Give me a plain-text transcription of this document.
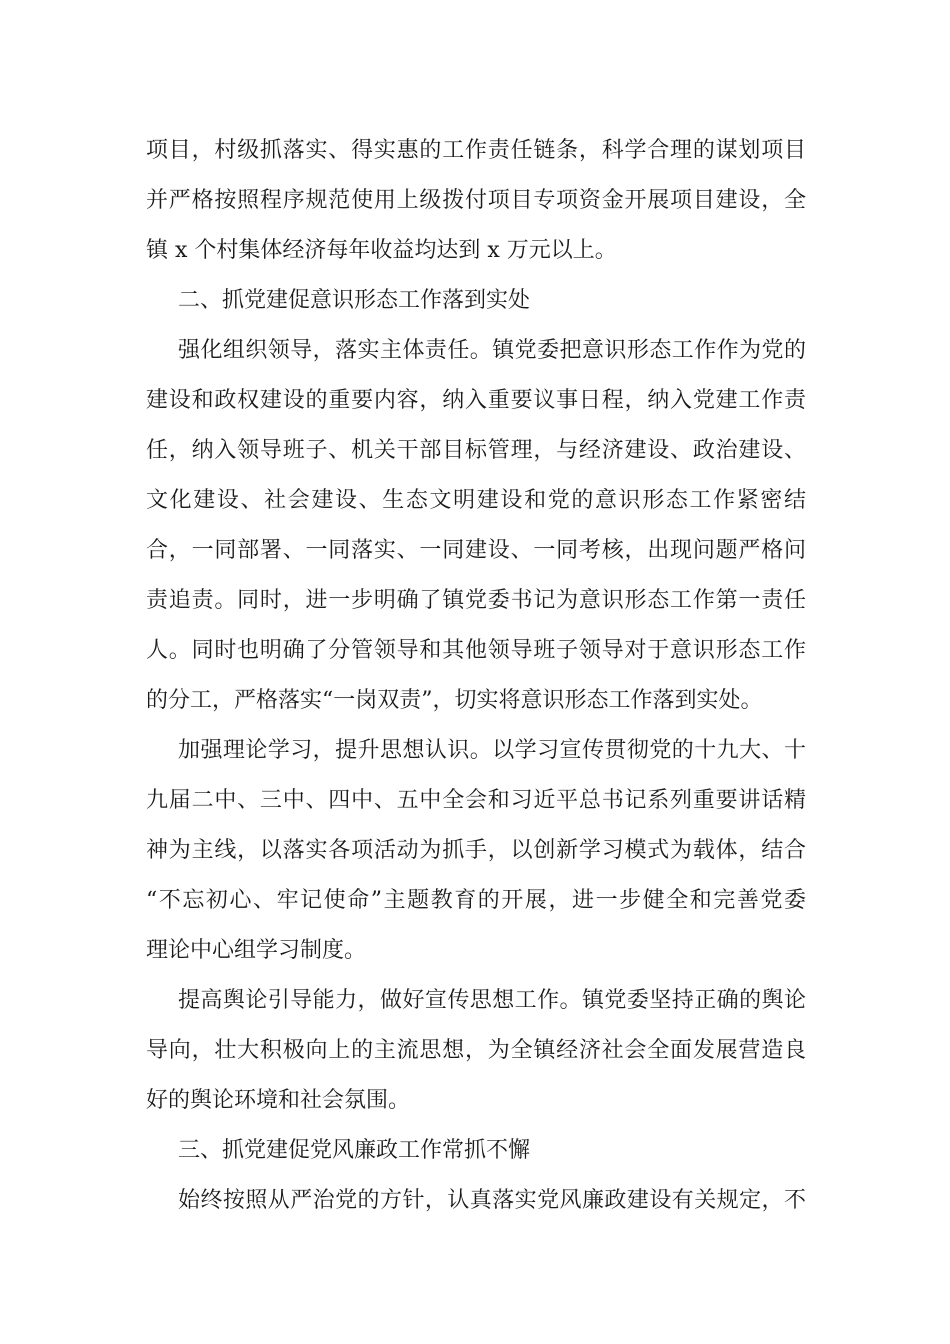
项目，村级抓落实、得实惠的工作责任链条，科学合理的谋划项目
并严格按照程序规范使用上级拨付项目专项资金开展项目建设，全
镇 x 个村集体经济每年收益均达到 x 万元以上。
二、抓党建促意识形态工作落到实处
强化组织领导，落实主体责任。镇党委把意识形态工作作为党的
建设和政权建设的重要内容，纳入重要议事日程，纳入党建工作责
任，纳入领导班子、机关干部目标管理，与经济建设、政治建设、
文化建设、社会建设、生态文明建设和党的意识形态工作紧密结
合，一同部署、一同落实、一同建设、一同考核，出现问题严格问
责追责。同时，进一步明确了镇党委书记为意识形态工作第一责任
人。同时也明确了分管领导和其他领导班子领导对于意识形态工作
的分工，严格落实“一岗双责”，切实将意识形态工作落到实处。
加强理论学习，提升思想认识。以学习宣传贯彻党的十九大、十
九届二中、三中、四中、五中全会和习近平总书记系列重要讲话精
神为主线，以落实各项活动为抓手，以创新学习模式为载体，结合
“不忘初心、牢记使命”主题教育的开展，进一步健全和完善党委
理论中心组学习制度。
提高舆论引导能力，做好宣传思想工作。镇党委坚持正确的舆论
导向，壮大积极向上的主流思想，为全镇经济社会全面发展营造良
好的舆论环境和社会氛围。
三、抓党建促党风廉政工作常抓不懈
始终按照从严治党的方针，认真落实党风廉政建设有关规定，不
